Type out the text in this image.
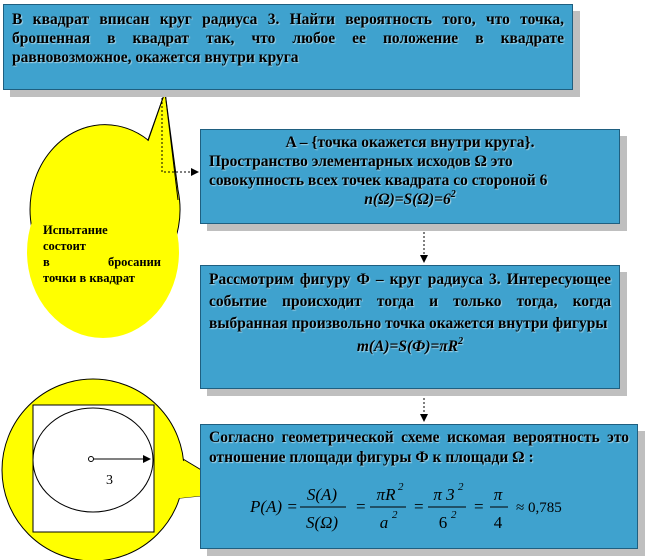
3
Испытание
состоит
в	бросании
точки в квадрат
В квадрат вписан круг радиуса 3. Найти вероятность того, что точка, брошенная в квадрат так, что любое ее положение в квадрате равновозможное, окажется внутри круга
A – {точка окажется внутри круга}.
Пространство элементарных исходов Ω это
совокупность всех точек квадрата со стороной 6
$n(\Omega)=S(\Omega)=6^2$
Рассмотрим фигуру Ф – круг радиуса 3. Интересующее событие происходит тогда и только тогда, когда выбранная произвольно точка окажется внутри фигуры
$m(A)=S(Ф)=\pi R^2$
Согласно геометрической схеме искомая вероятность это отношение площади фигуры Ф к площади Ω :
P(A) =
S(A)
S(Ω)
=
πR 2
a 2 =
π 3 2
6 2 =
π
4
≈ 0,785
